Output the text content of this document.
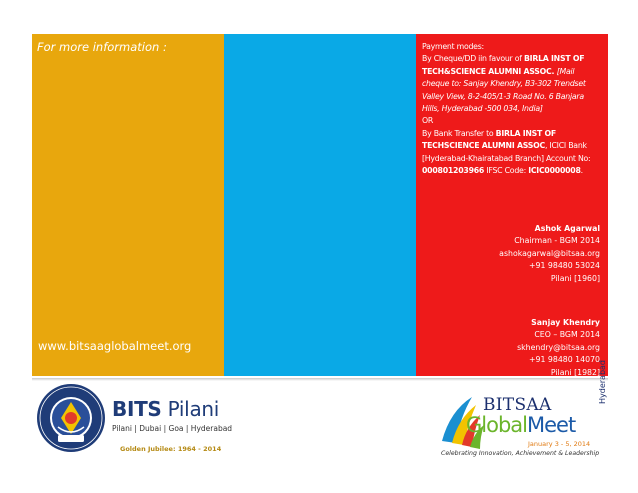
For more information :
www.bitsaaglobalmeet.org
Payment modes:
By Cheque/DD iin favour of BIRLA INST OF
TECH&SCIENCE ALUMNI ASSOC. [Mail
cheque to: Sanjay Khendry, B3-302 Trendset
Valley View, 8-2-405/1-3 Road No. 6 Banjara
Hills, Hyderabad -500 034, India]
OR
By Bank Transfer to BIRLA INST OF
TECHSCIENCE ALUMNI ASSOC, ICICI Bank
[Hyderabad-Khairatabad Branch] Account No:
000801203966 IFSC Code: ICIC0000008.
Ashok Agarwal
Chairman - BGM 2014
ashokagarwal@bitsaa.org
+91 98480 53024
Pilani [1960]
Sanjay Khendry
CEO – BGM 2014
skhendry@bitsaa.org
+91 98480 14070
Pilani [1982]
BITS Pilani
Pilani | Dubai | Goa | Hyderabad
Golden Jubilee: 1964 - 2014
BITSAA
GlobalMeet
Hyderabad
January 3 - 5, 2014
Celebrating Innovation, Achievement & Leadership
